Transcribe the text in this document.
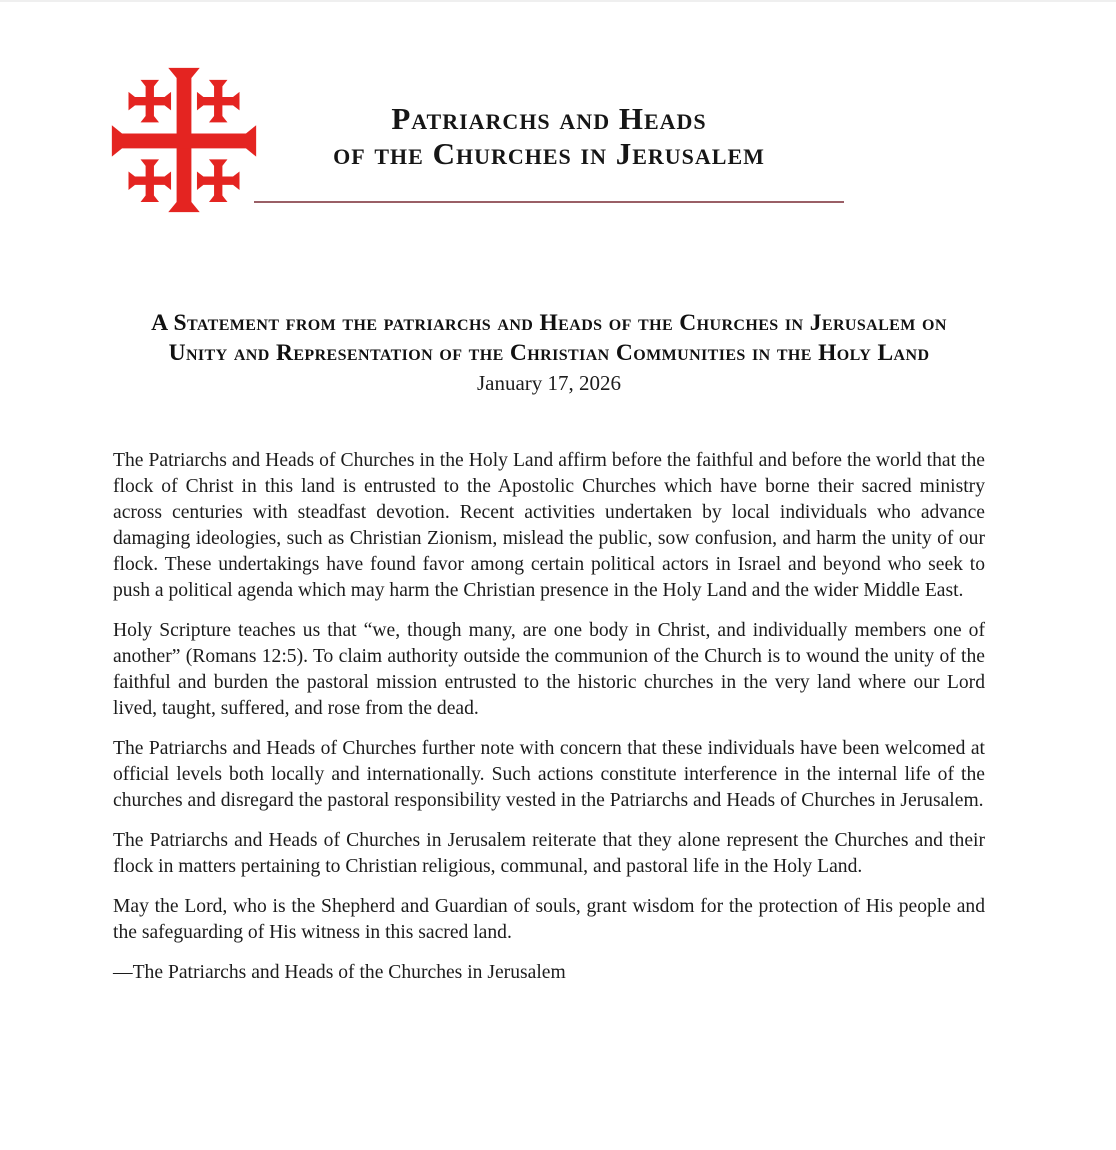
Patriarchs and Heads
of the Churches in Jerusalem
A Statement from the patriarchs and Heads of the Churches in Jerusalem on Unity and Representation of the Christian Communities in the Holy Land
January 17, 2026

The Patriarchs and Heads of Churches in the Holy Land affirm before the faithful and before the world that the flock of Christ in this land is entrusted to the Apostolic Churches which have borne their sacred ministry across centuries with steadfast devotion. Recent activities undertaken by local individuals who advance damaging ideologies, such as Christian Zionism, mislead the public, sow confusion, and harm the unity of our flock. These undertakings have found favor among certain political actors in Israel and beyond who seek to push a political agenda which may harm the Christian presence in the Holy Land and the wider Middle East.

Holy Scripture teaches us that “we, though many, are one body in Christ, and individually members one of another” (Romans 12:5). To claim authority outside the communion of the Church is to wound the unity of the faithful and burden the pastoral mission entrusted to the historic churches in the very land where our Lord lived, taught, suffered, and rose from the dead.

The Patriarchs and Heads of Churches further note with concern that these individuals have been welcomed at official levels both locally and internationally. Such actions constitute interference in the internal life of the churches and disregard the pastoral responsibility vested in the Patriarchs and Heads of Churches in Jerusalem.

The Patriarchs and Heads of Churches in Jerusalem reiterate that they alone represent the Churches and their flock in matters pertaining to Christian religious, communal, and pastoral life in the Holy Land.

May the Lord, who is the Shepherd and Guardian of souls, grant wisdom for the protection of His people and the safeguarding of His witness in this sacred land.

—The Patriarchs and Heads of the Churches in Jerusalem
